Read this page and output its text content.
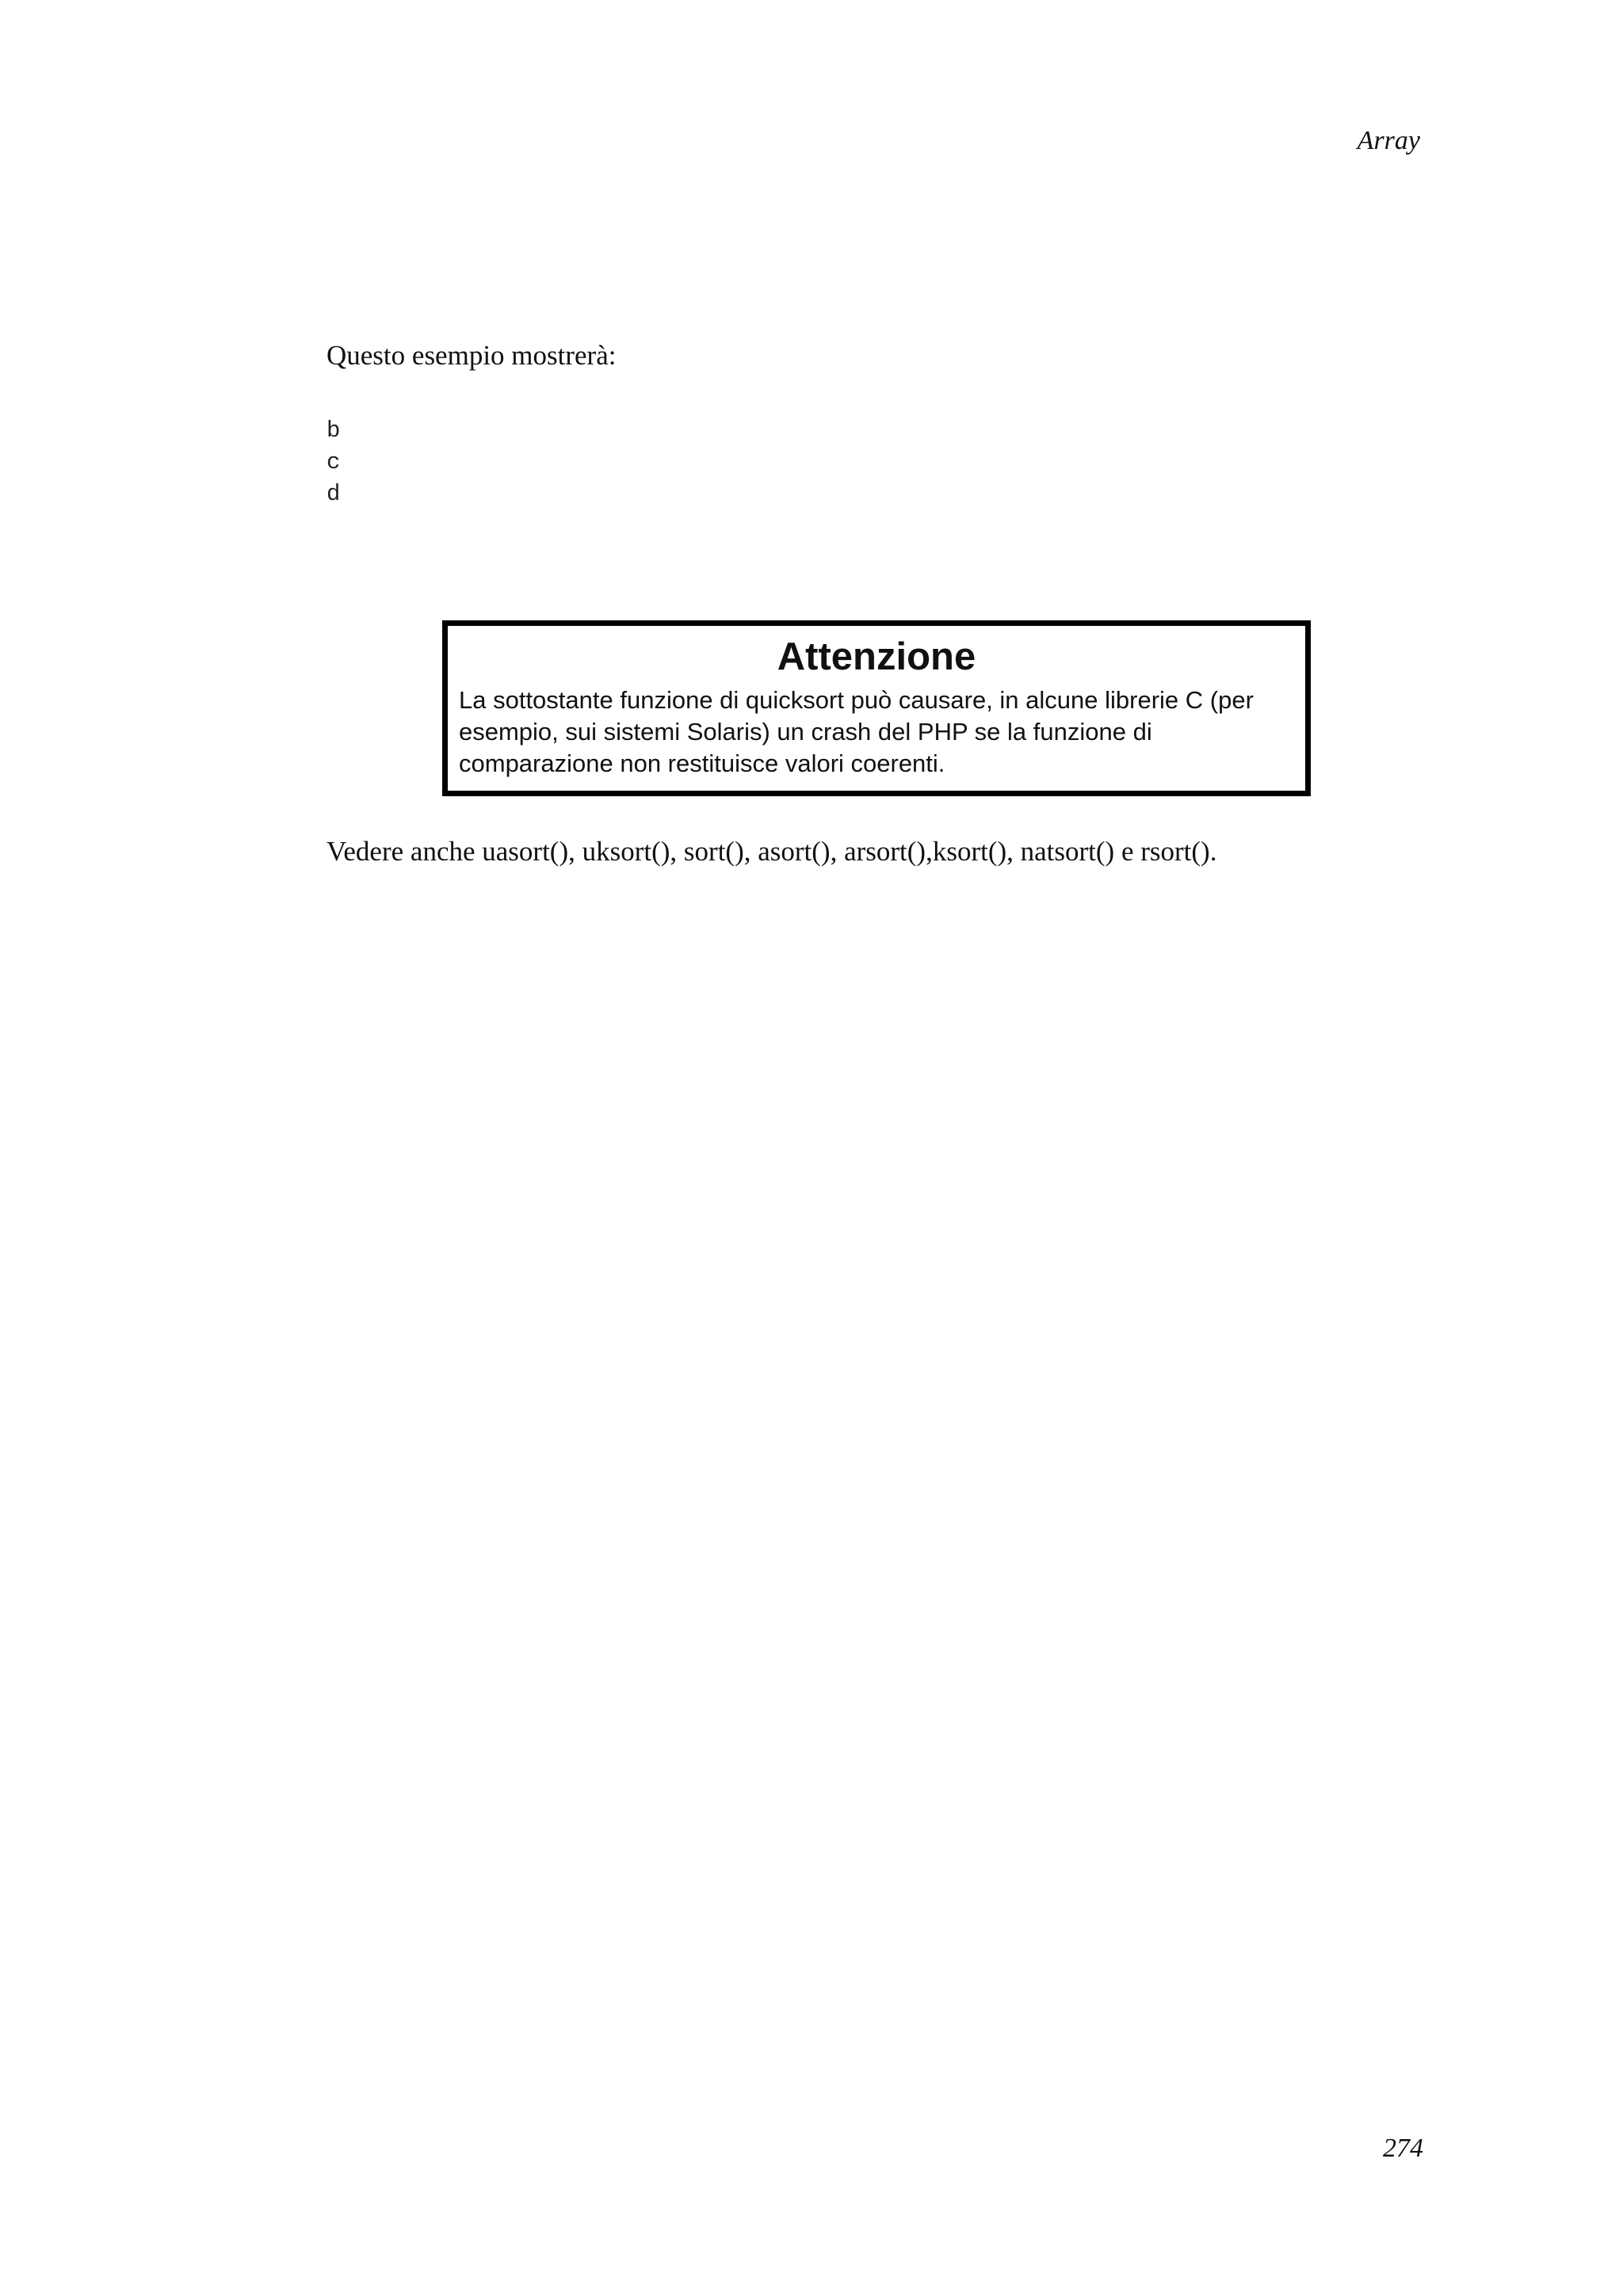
Array

Questo esempio mostrerà:

b
c
d

Attenzione

La sottostante funzione di quicksort può causare, in alcune librerie C (per esempio, sui sistemi Solaris) un crash del PHP se la funzione di comparazione non restituisce valori coerenti.

Vedere anche uasort(), uksort(), sort(), asort(), arsort(),ksort(), natsort() e rsort().

274
